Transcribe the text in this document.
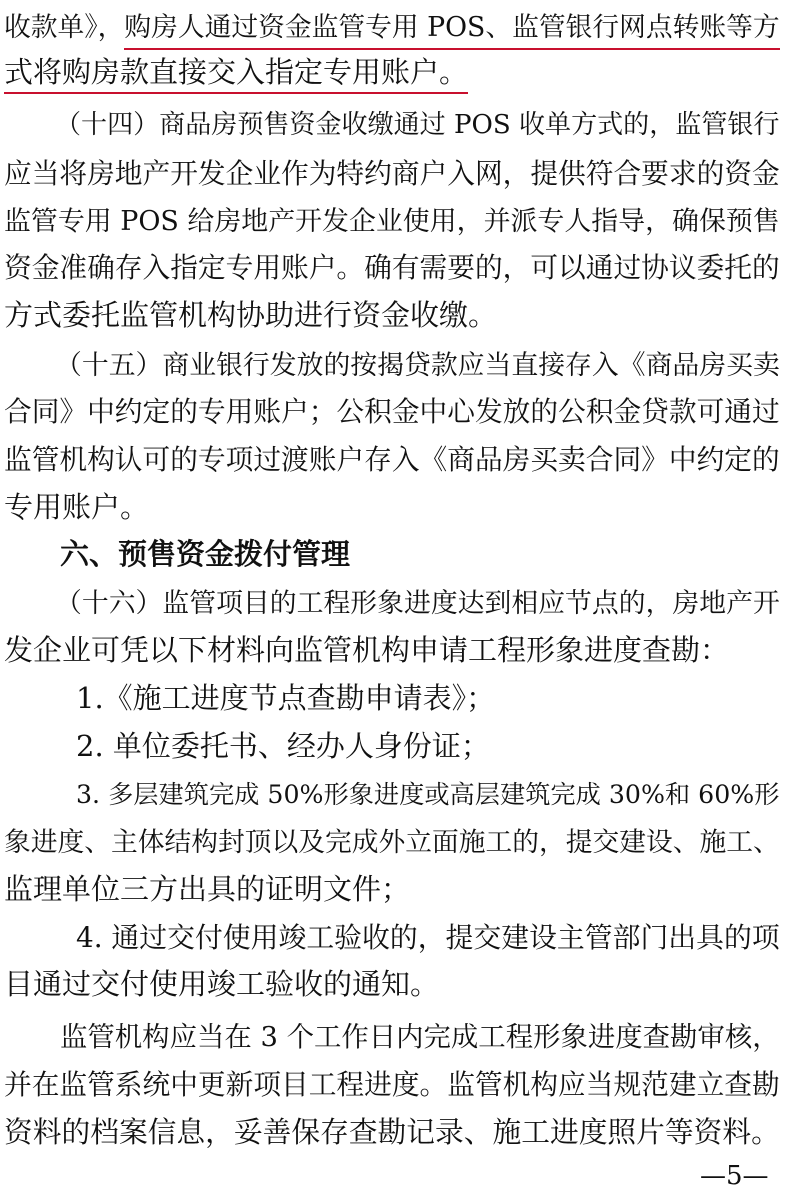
收款单》，购房人通过资金监管专用 POS、监管银行网点转账等方
式将购房款直接交入指定专用账户。
（十四）商品房预售资金收缴通过 POS 收单方式的，监管银行
应当将房地产开发企业作为特约商户入网，提供符合要求的资金
监管专用 POS 给房地产开发企业使用，并派专人指导，确保预售
资金准确存入指定专用账户。确有需要的，可以通过协议委托的
方式委托监管机构协助进行资金收缴。
（十五）商业银行发放的按揭贷款应当直接存入《商品房买卖
合同》中约定的专用账户；公积金中心发放的公积金贷款可通过
监管机构认可的专项过渡账户存入《商品房买卖合同》中约定的
专用账户。
六、预售资金拨付管理
（十六）监管项目的工程形象进度达到相应节点的，房地产开
发企业可凭以下材料向监管机构申请工程形象进度查勘：
1.《施工进度节点查勘申请表》；
2. 单位委托书、经办人身份证；
3. 多层建筑完成 50%形象进度或高层建筑完成 30%和 60%形
象进度、主体结构封顶以及完成外立面施工的，提交建设、施工、
监理单位三方出具的证明文件；
4. 通过交付使用竣工验收的，提交建设主管部门出具的项
目通过交付使用竣工验收的通知。
监管机构应当在 3 个工作日内完成工程形象进度查勘审核，
并在监管系统中更新项目工程进度。监管机构应当规范建立查勘
资料的档案信息，妥善保存查勘记录、施工进度照片等资料。
—5—
